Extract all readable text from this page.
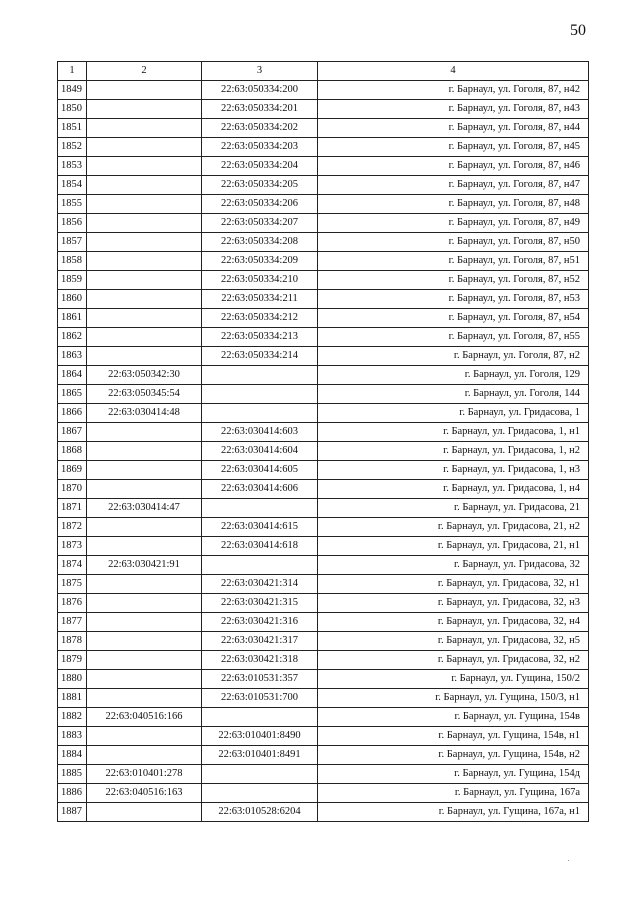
50
1	2	3	4
1849		22:63:050334:200	г. Барнаул, ул. Гоголя, 87, н42
1850		22:63:050334:201	г. Барнаул, ул. Гоголя, 87, н43
1851		22:63:050334:202	г. Барнаул, ул. Гоголя, 87, н44
1852		22:63:050334:203	г. Барнаул, ул. Гоголя, 87, н45
1853		22:63:050334:204	г. Барнаул, ул. Гоголя, 87, н46
1854		22:63:050334:205	г. Барнаул, ул. Гоголя, 87, н47
1855		22:63:050334:206	г. Барнаул, ул. Гоголя, 87, н48
1856		22:63:050334:207	г. Барнаул, ул. Гоголя, 87, н49
1857		22:63:050334:208	г. Барнаул, ул. Гоголя, 87, н50
1858		22:63:050334:209	г. Барнаул, ул. Гоголя, 87, н51
1859		22:63:050334:210	г. Барнаул, ул. Гоголя, 87, н52
1860		22:63:050334:211	г. Барнаул, ул. Гоголя, 87, н53
1861		22:63:050334:212	г. Барнаул, ул. Гоголя, 87, н54
1862		22:63:050334:213	г. Барнаул, ул. Гоголя, 87, н55
1863		22:63:050334:214	г. Барнаул, ул. Гоголя, 87, н2
1864	22:63:050342:30		г. Барнаул, ул. Гоголя, 129
1865	22:63:050345:54		г. Барнаул, ул. Гоголя, 144
1866	22:63:030414:48		г. Барнаул, ул. Гридасова, 1
1867		22:63:030414:603	г. Барнаул, ул. Гридасова, 1, н1
1868		22:63:030414:604	г. Барнаул, ул. Гридасова, 1, н2
1869		22:63:030414:605	г. Барнаул, ул. Гридасова, 1, н3
1870		22:63:030414:606	г. Барнаул, ул. Гридасова, 1, н4
1871	22:63:030414:47		г. Барнаул, ул. Гридасова, 21
1872		22:63:030414:615	г. Барнаул, ул. Гридасова, 21, н2
1873		22:63:030414:618	г. Барнаул, ул. Гридасова, 21, н1
1874	22:63:030421:91		г. Барнаул, ул. Гридасова, 32
1875		22:63:030421:314	г. Барнаул, ул. Гридасова, 32, н1
1876		22:63:030421:315	г. Барнаул, ул. Гридасова, 32, н3
1877		22:63:030421:316	г. Барнаул, ул. Гридасова, 32, н4
1878		22:63:030421:317	г. Барнаул, ул. Гридасова, 32, н5
1879		22:63:030421:318	г. Барнаул, ул. Гридасова, 32, н2
1880		22:63:010531:357	г. Барнаул, ул. Гущина, 150/2
1881		22:63:010531:700	г. Барнаул, ул. Гущина, 150/3, н1
1882	22:63:040516:166		г. Барнаул, ул. Гущина, 154в
1883		22:63:010401:8490	г. Барнаул, ул. Гущина, 154в, н1
1884		22:63:010401:8491	г. Барнаул, ул. Гущина, 154в, н2
1885	22:63:010401:278		г. Барнаул, ул. Гущина, 154д
1886	22:63:040516:163		г. Барнаул, ул. Гущина, 167а
1887		22:63:010528:6204	г. Барнаул, ул. Гущина, 167а, н1
